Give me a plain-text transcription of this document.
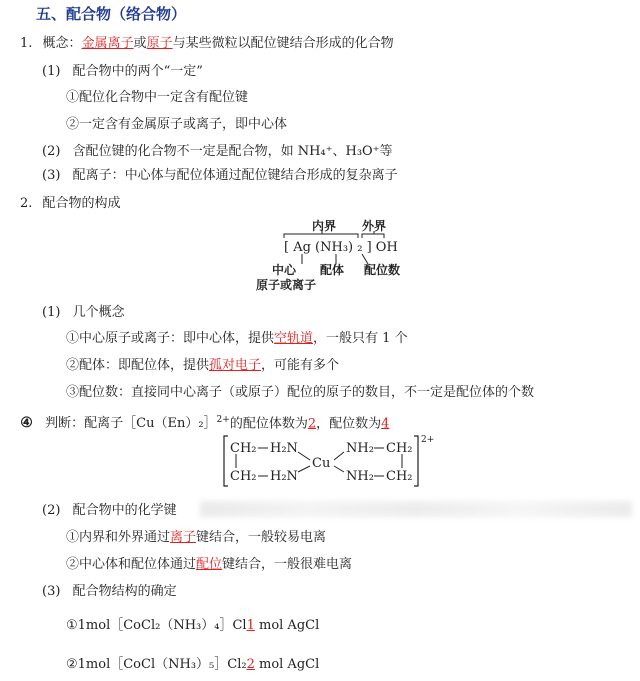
五、配合物（络合物）
1. 概念：金属离子或原子与某些微粒以配位键结合形成的化合物
(1) 配合物中的两个“一定”
①配位化合物中一定含有配位键
②一定含有金属原子或离子，即中心体
(2) 含配位键的化合物不一定是配合物，如 NH₄⁺、H₃O⁺等
(3) 配离子：中心体与配位体通过配位键结合形成的复杂离子
2. 配合物的构成
内界 外界
[ Ag (NH₃) ₂ ] OH
中心
原子或离子
配体 配位数
(1) 几个概念
①中心原子或离子：即中心体，提供空轨道，一般只有 1 个
②配体：即配位体，提供孤对电子，可能有多个
③配位数：直接同中心离子（或原子）配位的原子的数目，不一定是配位体的个数
④ 判断：配离子［Cu（En）₂］$^{2+}$的配位体数为2，配位数为4
CH₂ H₂N
CH₂ H₂N
Cu
NH₂ CH₂
NH₂ CH₂
2+
(2) 配合物中的化学键
①内界和外界通过离子键结合，一般较易电离
②中心体和配位体通过配位键结合，一般很难电离
(3) 配合物结构的确定
①1mol［CoCl₂（NH₃）₄］Cl1 mol AgCl
②1mol［CoCl（NH₃）₅］Cl₂2 mol AgCl
